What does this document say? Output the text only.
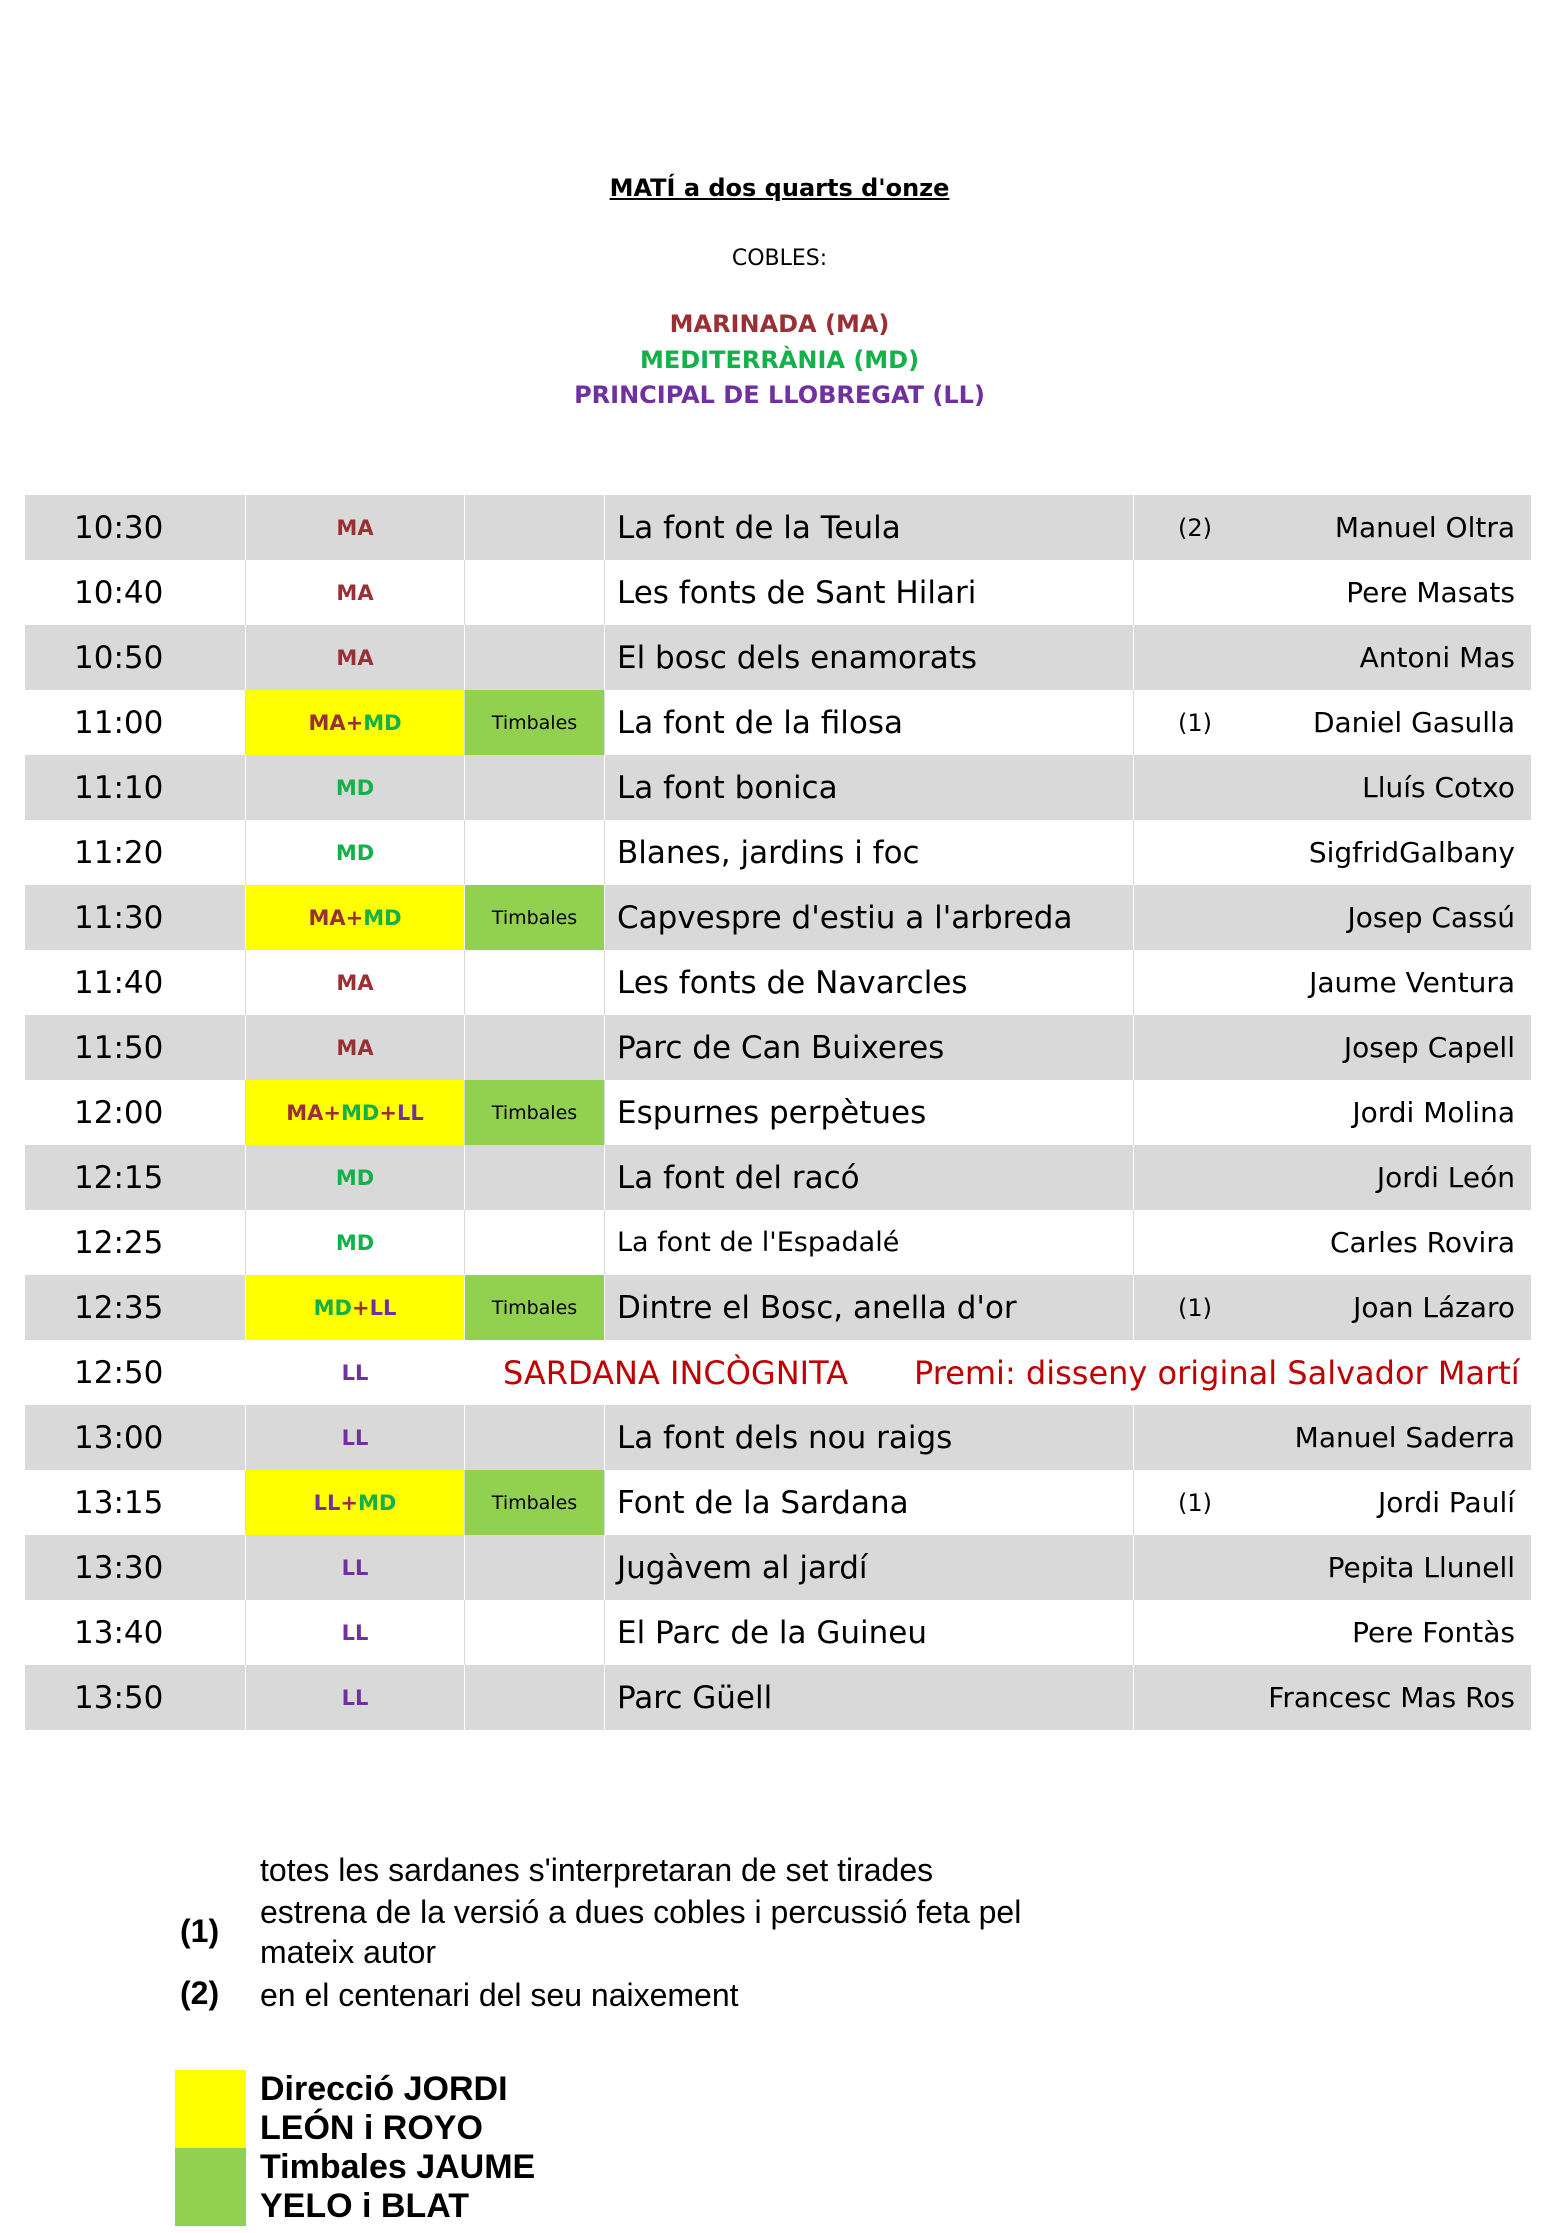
MATÍ a dos quarts d'onze
COBLES:
MARINADA (MA)
MEDITERRÀNIA (MD)
PRINCIPAL DE LLOBREGAT (LL)
10:30	MA	La font de la Teula	(2)	Manuel Oltra
10:40	MA	Les fonts de Sant Hilari	Pere Masats
10:50	MA	El bosc dels enamorats	Antoni Mas
11:00	MA + MD	Timbales	La font de la filosa	(1)	Daniel Gasulla
11:10	MD	La font bonica	Lluís Cotxo
11:20	MD	Blanes, jardins i foc	SigfridGalbany
11:30	MA + MD	Timbales	Capvespre d'estiu a l'arbreda	Josep Cassú
11:40	MA	Les fonts de Navarcles	Jaume Ventura
11:50	MA	Parc de Can Buixeres	Josep Capell
12:00	MA + MD + LL	Timbales	Espurnes perpètues	Jordi Molina
12:15	MD	La font del racó	Jordi León
12:25	MD	La font de l'Espadalé	Carles Rovira
12:35	MD + LL	Timbales	Dintre el Bosc, anella d'or	(1)	Joan Lázaro
12:50	LL	SARDANA INCÒGNITA	Premi: disseny original Salvador Martí
13:00	LL	La font dels nou raigs	Manuel Saderra
13:15	LL + MD	Timbales	Font de la Sardana	(1)	Jordi Paulí
13:30	LL	Jugàvem al jardí	Pepita Llunell
13:40	LL	El Parc de la Guineu	Pere Fontàs
13:50	LL	Parc Güell	Francesc Mas Ros
totes les sardanes s'interpretaran de set tirades
(1)
estrena de la versió a dues cobles i percussió feta pel
mateix autor
(2)	en el centenari del seu naixement
Direcció JORDI
LEÓN i ROYO
Timbales JAUME
YELO i BLAT
